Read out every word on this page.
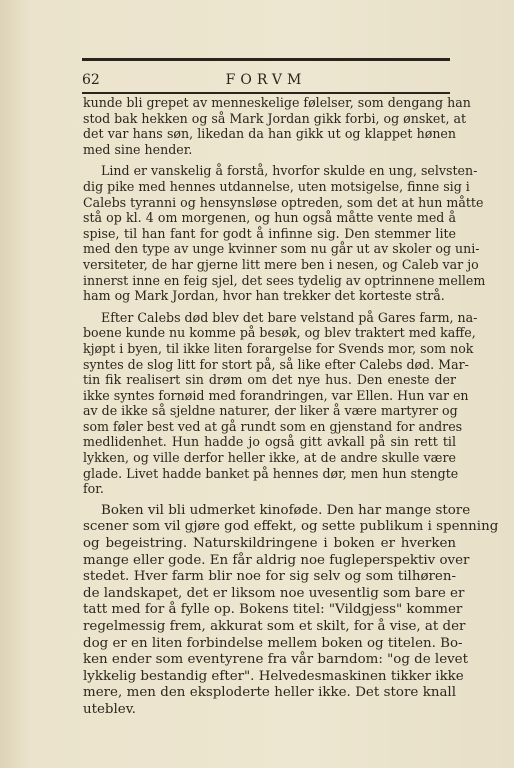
62	FORVM

kunde bli grepet av menneskelige følelser, som dengang han
stod bak hekken og så Mark Jordan gikk forbi, og ønsket, at
det var hans søn, likedan da han gikk ut og klappet hønen
med sine hender.

Lind er vanskelig å forstå, hvorfor skulde en ung, selvsten-
dig pike med hennes utdannelse, uten motsigelse, finne sig i
Calebs tyranni og hensynsløse optreden, som det at hun måtte
stå op kl. 4 om morgenen, og hun også måtte vente med å
spise, til han fant for godt å infinne sig. Den stemmer lite
med den type av unge kvinner som nu går ut av skoler og uni-
versiteter, de har gjerne litt mere ben i nesen, og Caleb var jo
innerst inne en feig sjel, det sees tydelig av optrinnene mellem
ham og Mark Jordan, hvor han trekker det korteste strå.

Efter Calebs død blev det bare velstand på Gares farm, na-
boene kunde nu komme på besøk, og blev traktert med kaffe,
kjøpt i byen, til ikke liten forargelse for Svends mor, som nok
syntes de slog litt for stort på, så like efter Calebs død. Mar-
tin fik realisert sin drøm om det nye hus. Den eneste der
ikke syntes fornøid med forandringen, var Ellen. Hun var en
av de ikke så sjeldne naturer, der liker å være martyrer og
som føler best ved at gå rundt som en gjenstand for andres
medlidenhet. Hun hadde jo også gitt avkall på sin rett til
lykken, og ville derfor heller ikke, at de andre skulle være
glade. Livet hadde banket på hennes dør, men hun stengte
for.

Boken vil bli udmerket kinoføde. Den har mange store
scener som vil gjøre god effekt, og sette publikum i spenning
og begeistring. Naturskildringene i boken er hverken
mange eller gode. En får aldrig noe fugleperspektiv over
stedet. Hver farm blir noe for sig selv og som tilhøren-
de landskapet, det er liksom noe uvesentlig som bare er
tatt med for å fylle op. Bokens titel: "Vildgjess" kommer
regelmessig frem, akkurat som et skilt, for å vise, at der
dog er en liten forbindelse mellem boken og titelen. Bo-
ken ender som eventyrene fra vår barndom: "og de levet
lykkelig bestandig efter". Helvedesmaskinen tikker ikke
mere, men den eksploderte heller ikke. Det store knall
uteblev.
